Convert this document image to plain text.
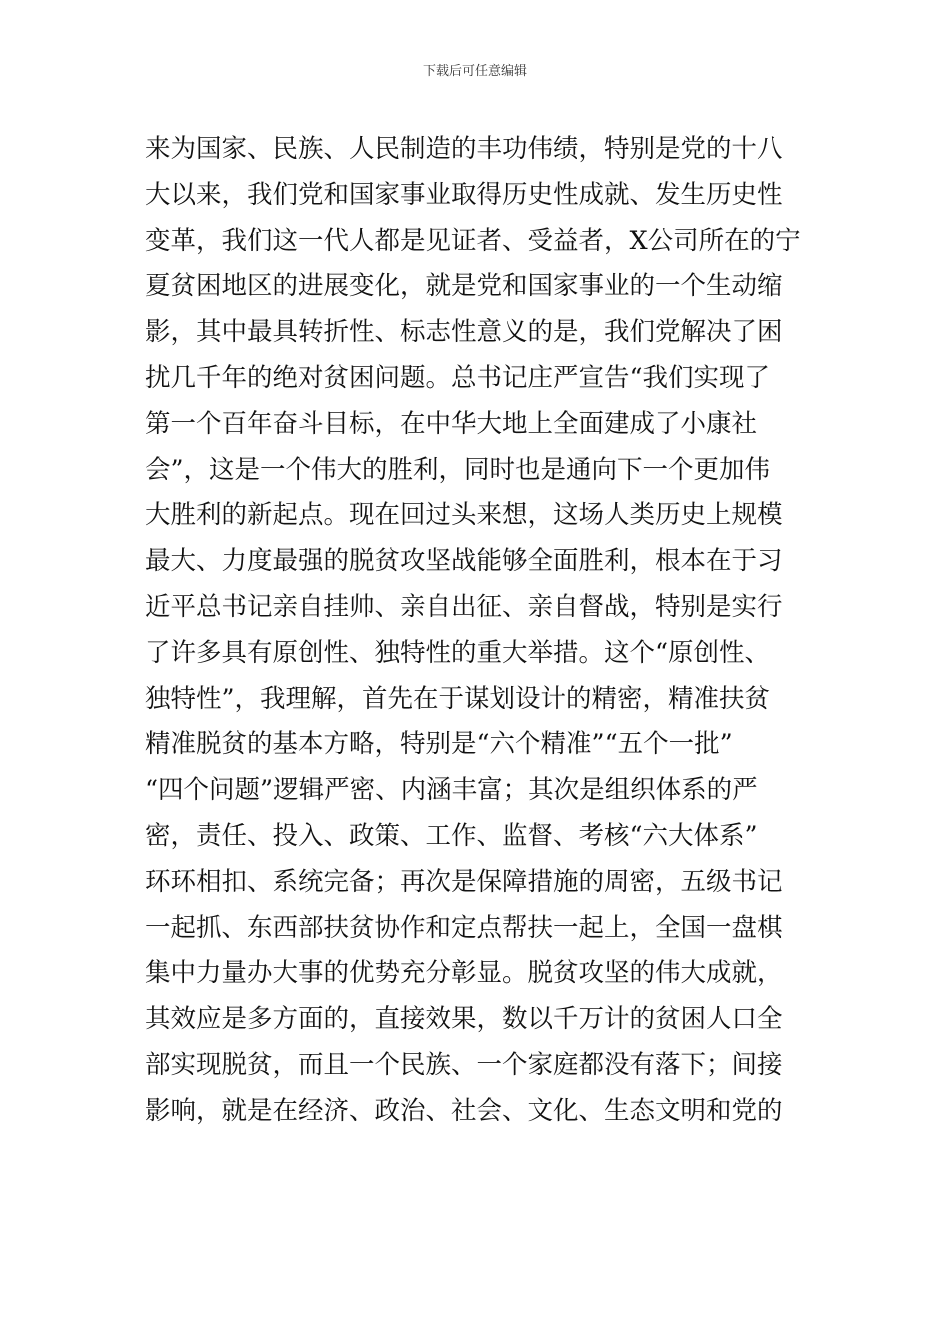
下载后可任意编辑
来为国家、民族、人民制造的丰功伟绩，特别是党的十八
大以来，我们党和国家事业取得历史性成就、发生历史性
变革，我们这一代人都是见证者、受益者，X公司所在的宁
夏贫困地区的进展变化，就是党和国家事业的一个生动缩
影，其中最具转折性、标志性意义的是，我们党解决了困
扰几千年的绝对贫困问题。总书记庄严宣告“我们实现了
第一个百年奋斗目标，在中华大地上全面建成了小康社
会”，这是一个伟大的胜利，同时也是通向下一个更加伟
大胜利的新起点。现在回过头来想，这场人类历史上规模
最大、力度最强的脱贫攻坚战能够全面胜利，根本在于习
近平总书记亲自挂帅、亲自出征、亲自督战，特别是实行
了许多具有原创性、独特性的重大举措。这个“原创性、
独特性”，我理解，首先在于谋划设计的精密，精准扶贫
精准脱贫的基本方略，特别是“六个精准”“五个一批”
“四个问题”逻辑严密、内涵丰富；其次是组织体系的严
密，责任、投入、政策、工作、监督、考核“六大体系”
环环相扣、系统完备；再次是保障措施的周密，五级书记
一起抓、东西部扶贫协作和定点帮扶一起上，全国一盘棋
集中力量办大事的优势充分彰显。脱贫攻坚的伟大成就，
其效应是多方面的，直接效果，数以千万计的贫困人口全
部实现脱贫，而且一个民族、一个家庭都没有落下；间接
影响，就是在经济、政治、社会、文化、生态文明和党的
